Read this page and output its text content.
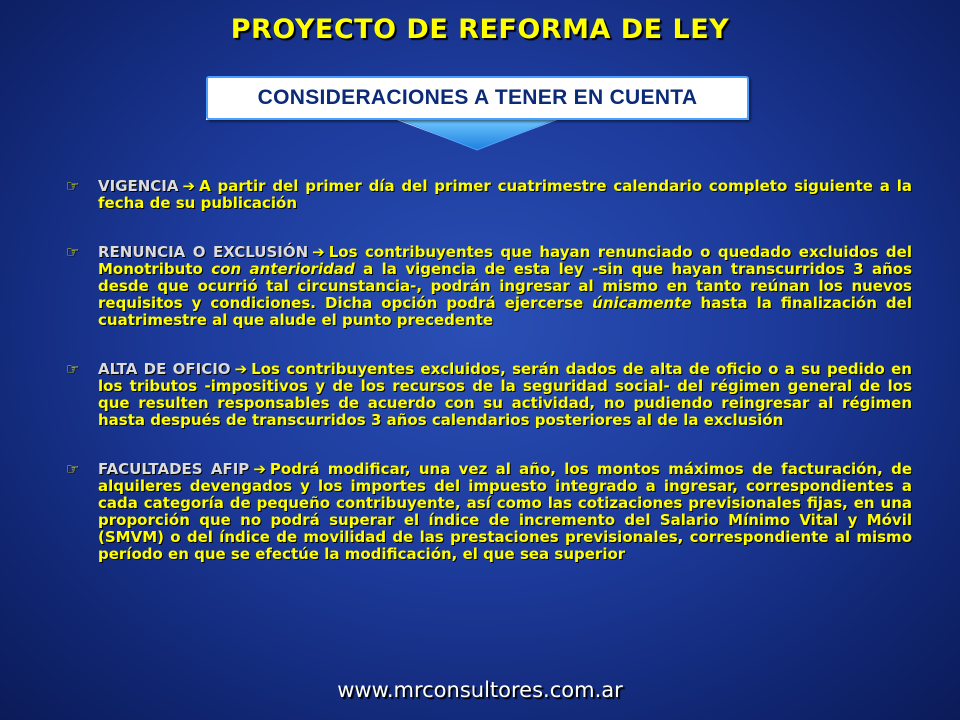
PROYECTO DE REFORMA DE LEY
CONSIDERACIONES A TENER EN CUENTA
☞ VIGENCIA ➔ A partir del primer día del primer cuatrimestre calendario completo siguiente a la fecha de su publicación
☞ RENUNCIA O EXCLUSIÓN ➔ Los contribuyentes que hayan renunciado o quedado excluidos del Monotributo con anterioridad a la vigencia de esta ley -sin que hayan transcurridos 3 años desde que ocurrió tal circunstancia-, podrán ingresar al mismo en tanto reúnan los nuevos requisitos y condiciones. Dicha opción podrá ejercerse únicamente hasta la finalización del cuatrimestre al que alude el punto precedente
☞ ALTA DE OFICIO ➔ Los contribuyentes excluidos, serán dados de alta de oficio o a su pedido en los tributos -impositivos y de los recursos de la seguridad social- del régimen general de los que resulten responsables de acuerdo con su actividad, no pudiendo reingresar al régimen hasta después de transcurridos 3 años calendarios posteriores al de la exclusión
☞ FACULTADES AFIP ➔ Podrá modificar, una vez al año, los montos máximos de facturación, de alquileres devengados y los importes del impuesto integrado a ingresar, correspondientes a cada categoría de pequeño contribuyente, así como las cotizaciones previsionales fijas, en una proporción que no podrá superar el índice de incremento del Salario Mínimo Vital y Móvil (SMVM) o del índice de movilidad de las prestaciones previsionales, correspondiente al mismo período en que se efectúe la modificación, el que sea superior
www.mrconsultores.com.ar
